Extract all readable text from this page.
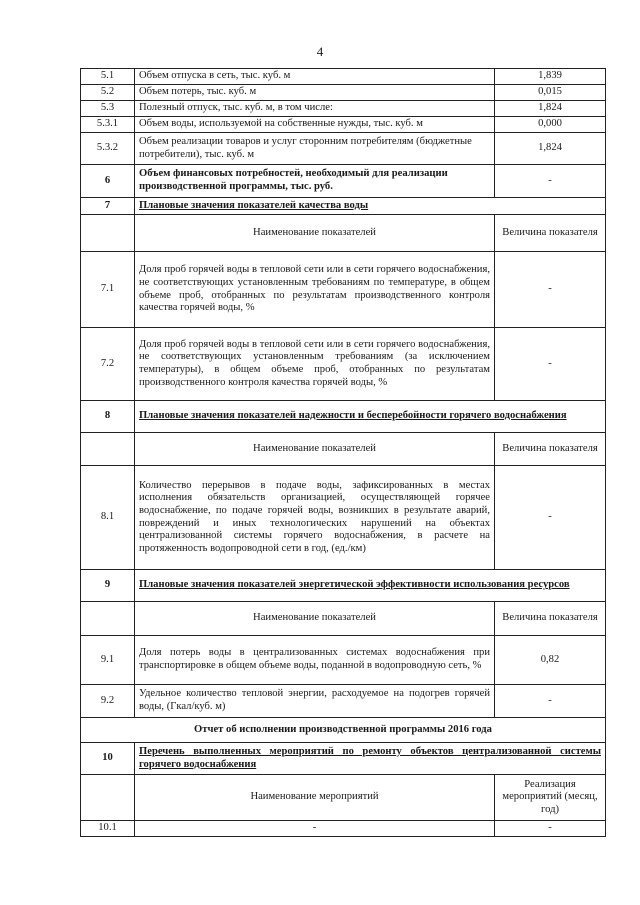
4
5.1	Объем отпуска в сеть, тыс. куб. м	1,839
5.2	Объем потерь, тыс. куб. м	0,015
5.3	Полезный отпуск, тыс. куб. м, в том числе:	1,824
5.3.1	Объем воды, используемой на собственные нужды, тыс. куб. м	0,000
5.3.2	Объем реализации товаров и услуг сторонним потребителям (бюджетные потребители), тыс. куб. м	1,824
6	Объем финансовых потребностей, необходимый для реализации производственной программы, тыс. руб.	-
7	Плановые значения показателей качества воды	
	Наименование показателей	Величина показателя
7.1	Доля проб горячей воды в тепловой сети или в сети горячего водоснабжения, не соответствующих установленным требованиям по температуре, в общем объеме проб, отобранных по результатам производственного контроля качества горячей воды, %	-
7.2	Доля проб горячей воды в тепловой сети или в сети горячего водоснабжения, не соответствующих установленным требованиям (за исключением температуры), в общем объеме проб, отобранных по результатам производственного контроля качества горячей воды, %	-
8	Плановые значения показателей надежности и бесперебойности горячего водоснабжения	
	Наименование показателей	Величина показателя
8.1	Количество перерывов в подаче воды, зафиксированных в местах исполнения обязательств организацией, осуществляющей горячее водоснабжение, по подаче горячей воды, возникших в результате аварий, повреждений и иных технологических нарушений на объектах централизованной системы горячего водоснабжения, в расчете на протяженность водопроводной сети в год, (ед./км)	-
9	Плановые значения показателей энергетической эффективности использования ресурсов	
	Наименование показателей	Величина показателя
9.1	Доля потерь воды в централизованных системах водоснабжения при транспортировке в общем объеме воды, поданной в водопроводную сеть, %	0,82
9.2	Удельное количество тепловой энергии, расходуемое на подогрев горячей воды, (Гкал/куб. м)	-
Отчет об исполнении производственной программы 2016 года		
10	Перечень выполненных мероприятий по ремонту объектов централизованной системы горячего водоснабжения	
	Наименование мероприятий	Реализация мероприятий (месяц, год)
10.1	-	-
